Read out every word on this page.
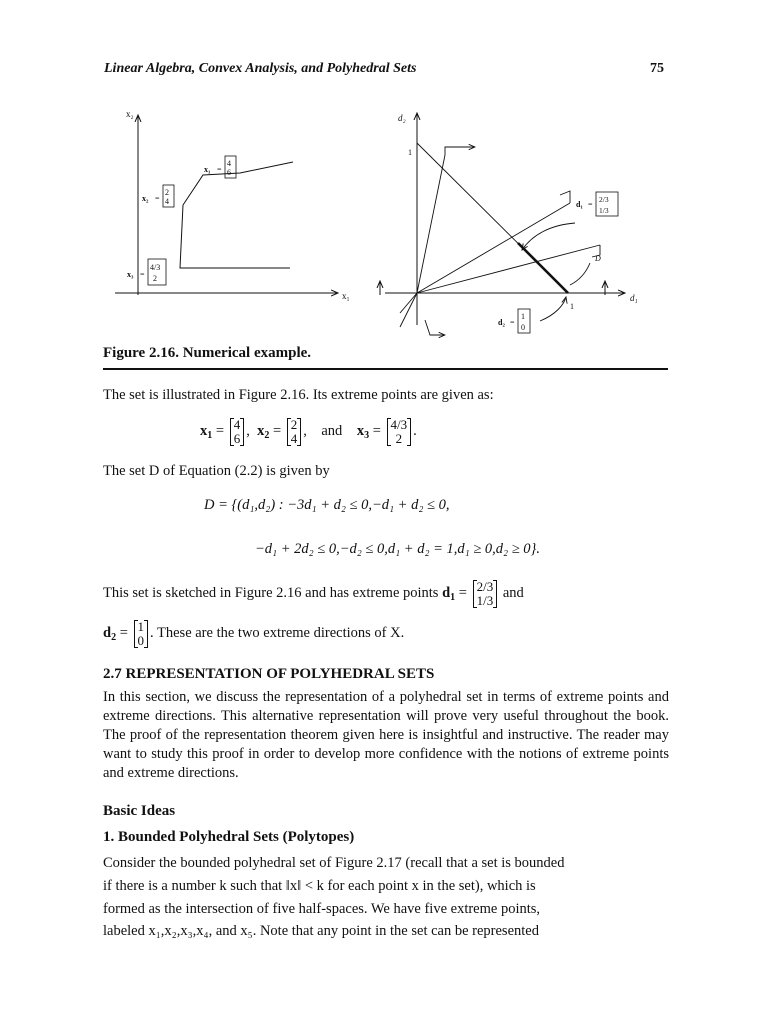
Linear Algebra, Convex Analysis, and Polyhedral Sets	75
x₂
x₁
x₁ =
4
6
x₂ =
2
4
x₃ =
4/3
2
d₂
d₁
1
1
D
d₁ =
2/3
1/3
d₂ =
1
0
Figure 2.16. Numerical example.
The set is illustrated in Figure 2.16. Its extreme points are given as:
$x_1 = 4$
6 ,  $x_2 = 2$
4 ,    and $x_3 = 4/3$
2 .
The set D of Equation (2.2) is given by
D = {(d₁,d₂) : −3d₁ + d₂ ≤ 0,−d₁ + d₂ ≤ 0,
−d₁ + 2d₂ ≤ 0,−d₂ ≤ 0,d₁ + d₂ = 1,d₁ ≥ 0,d₂ ≥ 0}.
This set is sketched in Figure 2.16 and has extreme points $d_1 = 2/3$
1/3 and
$d_2 = 1$
0 . These are the two extreme directions of X.
2.7 REPRESENTATION OF POLYHEDRAL SETS
In this section, we discuss the representation of a polyhedral set in terms of extreme points and extreme directions. This alternative representation will prove very useful throughout the book. The proof of the representation theorem given here is insightful and instructive. The reader may want to study this proof in order to develop more confidence with the notions of extreme points and extreme directions.
Basic Ideas
1. Bounded Polyhedral Sets (Polytopes)
Consider the bounded polyhedral set of Figure 2.17 (recall that a set is bounded
if there is a number k such that ‖x‖ < k for each point x in the set), which is
formed as the intersection of five half-spaces. We have five extreme points,
labeled x₁,x₂,x₃,x₄, and x₅. Note that any point in the set can be represented
